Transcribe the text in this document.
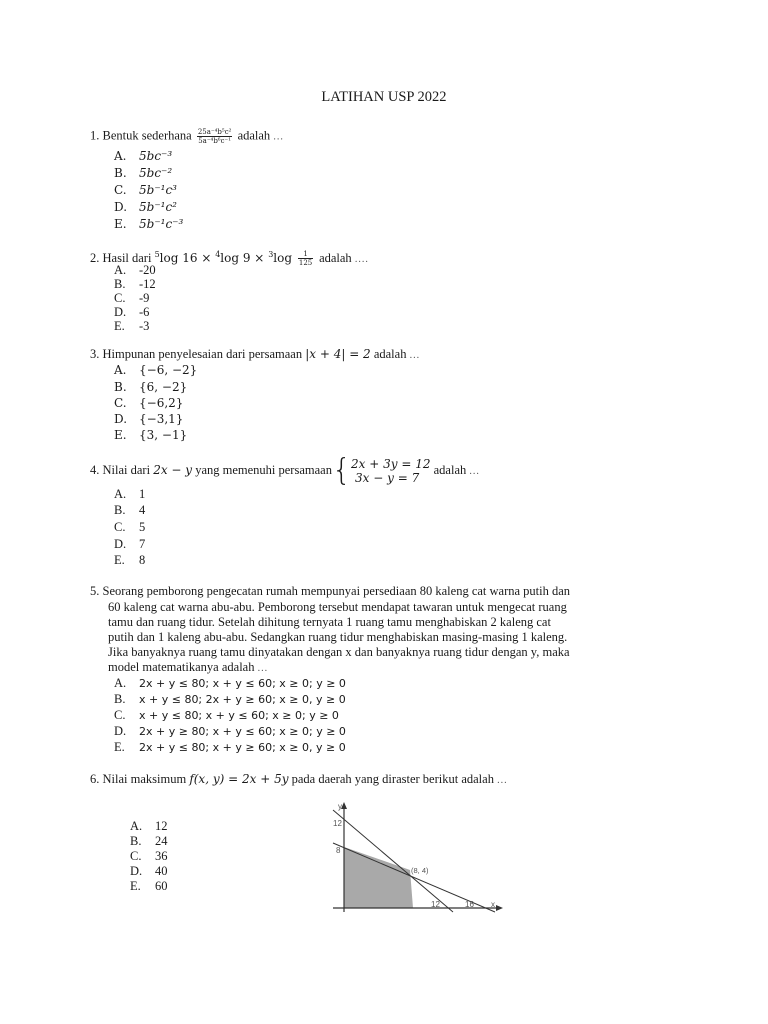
LATIHAN USP 2022
1. Bentuk sederhana $\frac{\text{25a⁻⁴b⁵c²}}{\text{5a⁻⁴b⁶c⁻¹}}$ adalah ...
A. 5bc⁻³
B. 5bc⁻²
C. 5b⁻¹c³
D. 5b⁻¹c²
E. 5b⁻¹c⁻³
2. Hasil dari $^5$log 16 × $^4$log $9 \times ^3\log \frac{1}{125}$ adalah ....
A. -20
B. -12
C. -9
D. -6
E. -3
3. Himpunan penyelesaian dari persamaan |x + 4| = 2 adalah ...
A. {−6, −2}
B. {6, −2}
C. {−6,2}
D. {−3,1}
E. {3, −1}
4. Nilai dari 2x − y yang memenuhi persamaan{ 2x + 3y = 12
3x − y = 7
adalah ...
A. 1
B. 4
C. 5
D. 7
E. 8
5. Seorang pemborong pengecatan rumah mempunyai persediaan 80 kaleng cat warna putih dan
60 kaleng cat warna abu-abu. Pemborong tersebut mendapat tawaran untuk mengecat ruang
tamu dan ruang tidur. Setelah dihitung ternyata 1 ruang tamu menghabiskan 2 kaleng cat
putih dan 1 kaleng abu-abu. Sedangkan ruang tidur menghabiskan masing-masing 1 kaleng.
Jika banyaknya ruang tamu dinyatakan dengan x dan banyaknya ruang tidur dengan y, maka
model matematikanya adalah ...
A. 2x + y ≤ 80; x + y ≤ 60; x ≥ 0; y ≥ 0
B. x + y ≤ 80; 2x + y ≥ 60; x ≥ 0, y ≥ 0
C. x + y ≤ 80; x + y ≤ 60; x ≥ 0; y ≥ 0
D. 2x + y ≥ 80; x + y ≤ 60; x ≥ 0; y ≥ 0
E. 2x + y ≤ 80; x + y ≥ 60; x ≥ 0, y ≥ 0
6. Nilai maksimum f(x, y) = 2x + 5y pada daerah yang diraster berikut adalah ...
A. 12
B. 24
C. 36
D. 40
E. 60
y
12
8
12	16 x
(8, 4)
